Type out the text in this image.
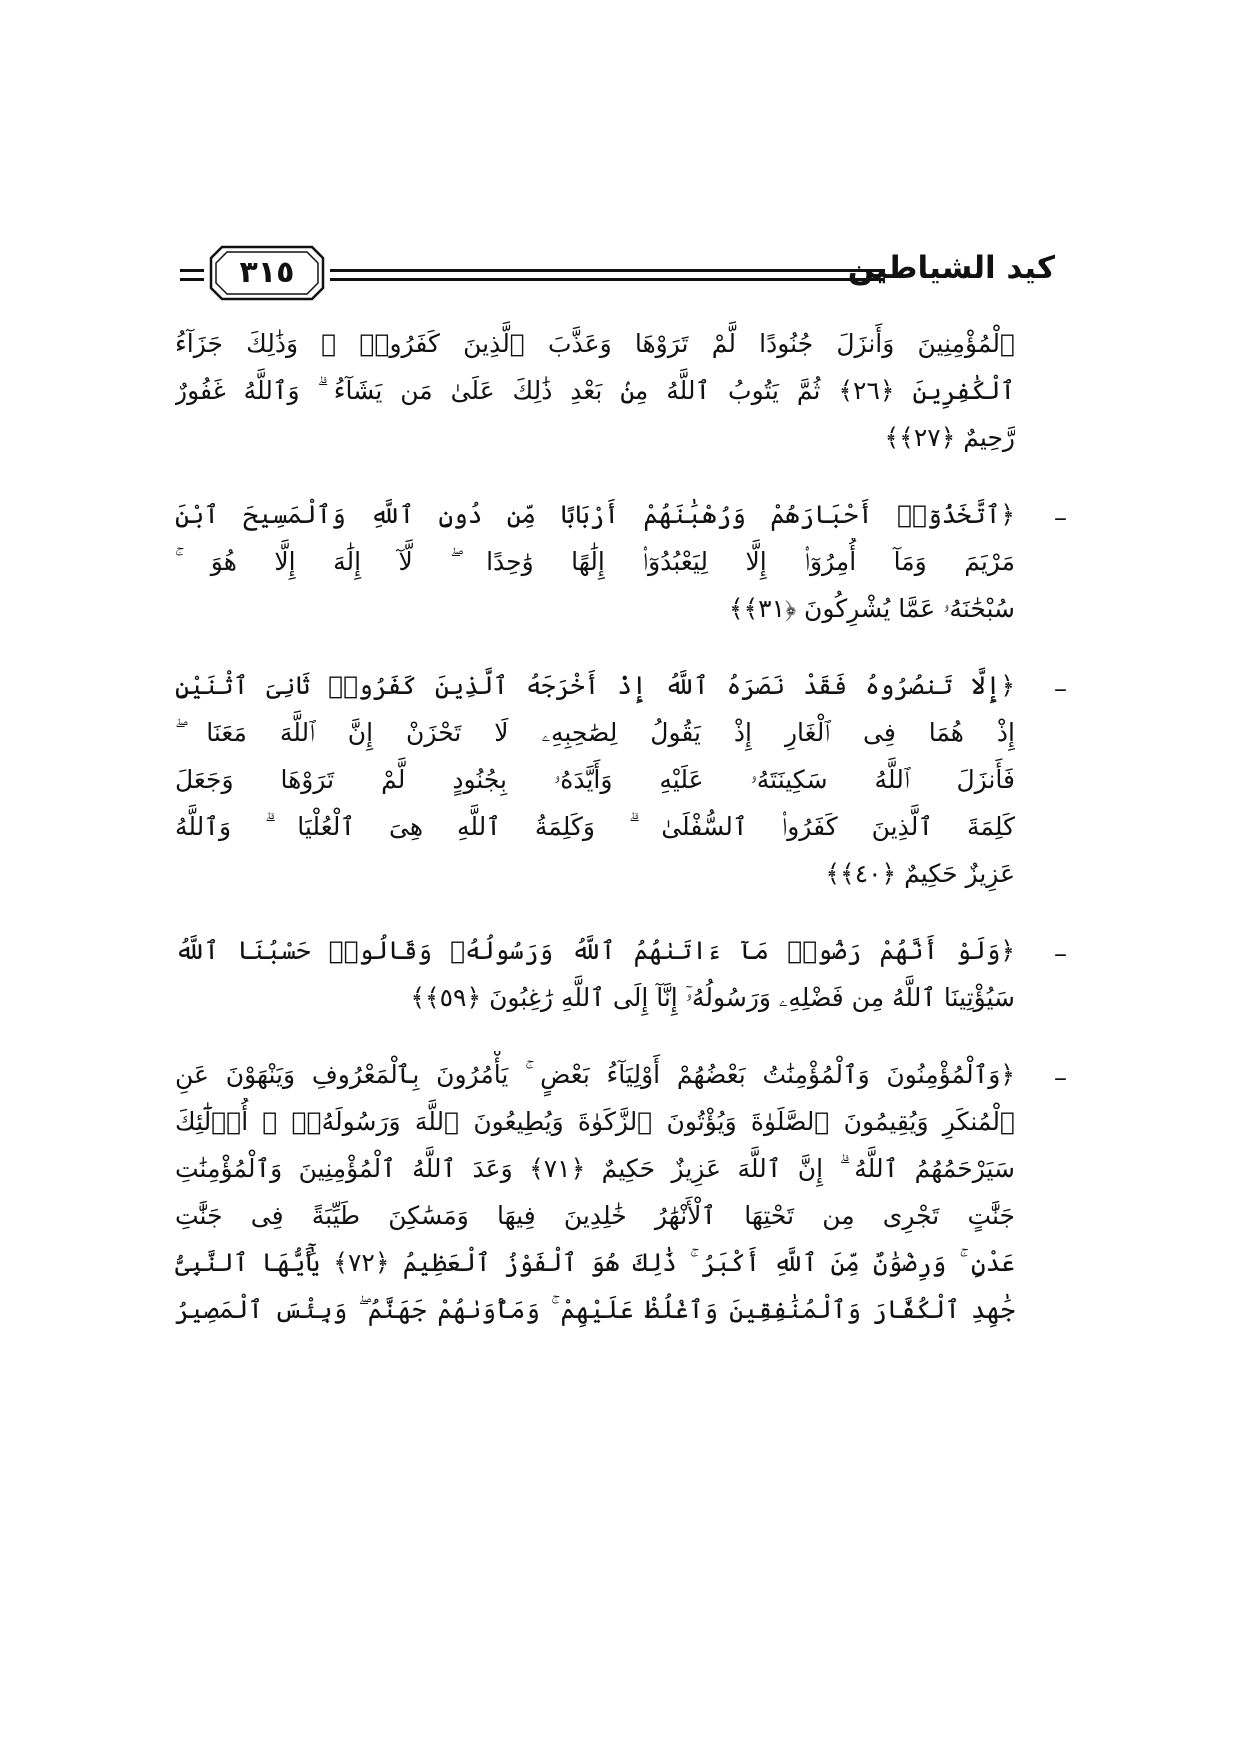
٣١٥	كيد الشياطين
ٱلْمُؤْمِنِينَ وَأَنزَلَ جُنُودًا لَّمْ تَرَوْهَا وَعَذَّبَ ٱلَّذِينَ كَفَرُوا۟ ۚ وَذَٰلِكَ جَزَآءُ
ٱلْكَٰفِرِينَ ﴿٢٦﴾ ثُمَّ يَتُوبُ ٱللَّهُ مِنۢ بَعْدِ ذَٰلِكَ عَلَىٰ مَن يَشَآءُ ۗ وَٱللَّهُ غَفُورٌ
رَّحِيمٌ ﴿٢٧﴾﴾
–
﴿ٱتَّخَذُوٓا۟ أَحْبَارَهُمْ وَرُهْبَٰنَهُمْ أَرْبَابًا مِّن دُونِ ٱللَّهِ وَٱلْمَسِيحَ ٱبْنَ
مَرْيَمَ وَمَآ أُمِرُوٓا۟ إِلَّا لِيَعْبُدُوٓا۟ إِلَٰهًا وَٰحِدًا ۖ لَّآ إِلَٰهَ إِلَّا هُوَ ۚ
سُبْحَٰنَهُۥ عَمَّا يُشْرِكُونَ ﴿٣١﴾﴾
–
﴿إِلَّا تَنصُرُوهُ فَقَدْ نَصَرَهُ ٱللَّهُ إِذْ أَخْرَجَهُ ٱلَّذِينَ كَفَرُوا۟ ثَانِىَ ٱثْنَيْنِ
إِذْ هُمَا فِى ٱلْغَارِ إِذْ يَقُولُ لِصَٰحِبِهِۦ لَا تَحْزَنْ إِنَّ ٱللَّهَ مَعَنَا ۖ
فَأَنزَلَ ٱللَّهُ سَكِينَتَهُۥ عَلَيْهِ وَأَيَّدَهُۥ بِجُنُودٍ لَّمْ تَرَوْهَا وَجَعَلَ
كَلِمَةَ ٱلَّذِينَ كَفَرُوا۟ ٱلسُّفْلَىٰ ۗ وَكَلِمَةُ ٱللَّهِ هِىَ ٱلْعُلْيَا ۗ وَٱللَّهُ
عَزِيزٌ حَكِيمٌ ﴿٤٠﴾﴾
–
﴿وَلَوْ أَنَّهُمْ رَضُوا۟ مَآ ءَاتَىٰهُمُ ٱللَّهُ وَرَسُولُهُۥ وَقَالُوا۟ حَسْبُنَا ٱللَّهُ
سَيُؤْتِينَا ٱللَّهُ مِن فَضْلِهِۦ وَرَسُولُهُۥٓ إِنَّآ إِلَى ٱللَّهِ رَٰغِبُونَ ﴿٥٩﴾﴾
–
﴿وَٱلْمُؤْمِنُونَ وَٱلْمُؤْمِنَٰتُ بَعْضُهُمْ أَوْلِيَآءُ بَعْضٍ ۚ يَأْمُرُونَ بِٱلْمَعْرُوفِ وَيَنْهَوْنَ عَنِ
ٱلْمُنكَرِ وَيُقِيمُونَ ٱلصَّلَوٰةَ وَيُؤْتُونَ ٱلزَّكَوٰةَ وَيُطِيعُونَ ٱللَّهَ وَرَسُولَهُۥٓ ۚ أُو۟لَٰٓئِكَ
سَيَرْحَمُهُمُ ٱللَّهُ ۗ إِنَّ ٱللَّهَ عَزِيزٌ حَكِيمٌ ﴿٧١﴾ وَعَدَ ٱللَّهُ ٱلْمُؤْمِنِينَ وَٱلْمُؤْمِنَٰتِ
جَنَّٰتٍ تَجْرِى مِن تَحْتِهَا ٱلْأَنْهَٰرُ خَٰلِدِينَ فِيهَا وَمَسَٰكِنَ طَيِّبَةً فِى جَنَّٰتِ
عَدْنٍ ۚ وَرِضْوَٰنٌ مِّنَ ٱللَّهِ أَكْبَرُ ۚ ذَٰلِكَ هُوَ ٱلْفَوْزُ ٱلْعَظِيمُ ﴿٧٢﴾ يَٰٓأَيُّهَا ٱلنَّبِىُّ
جَٰهِدِ ٱلْكُفَّارَ وَٱلْمُنَٰفِقِينَ وَٱغْلُظْ عَلَيْهِمْ ۚ وَمَأْوَىٰهُمْ جَهَنَّمُ ۖ وَبِئْسَ ٱلْمَصِيرُ
